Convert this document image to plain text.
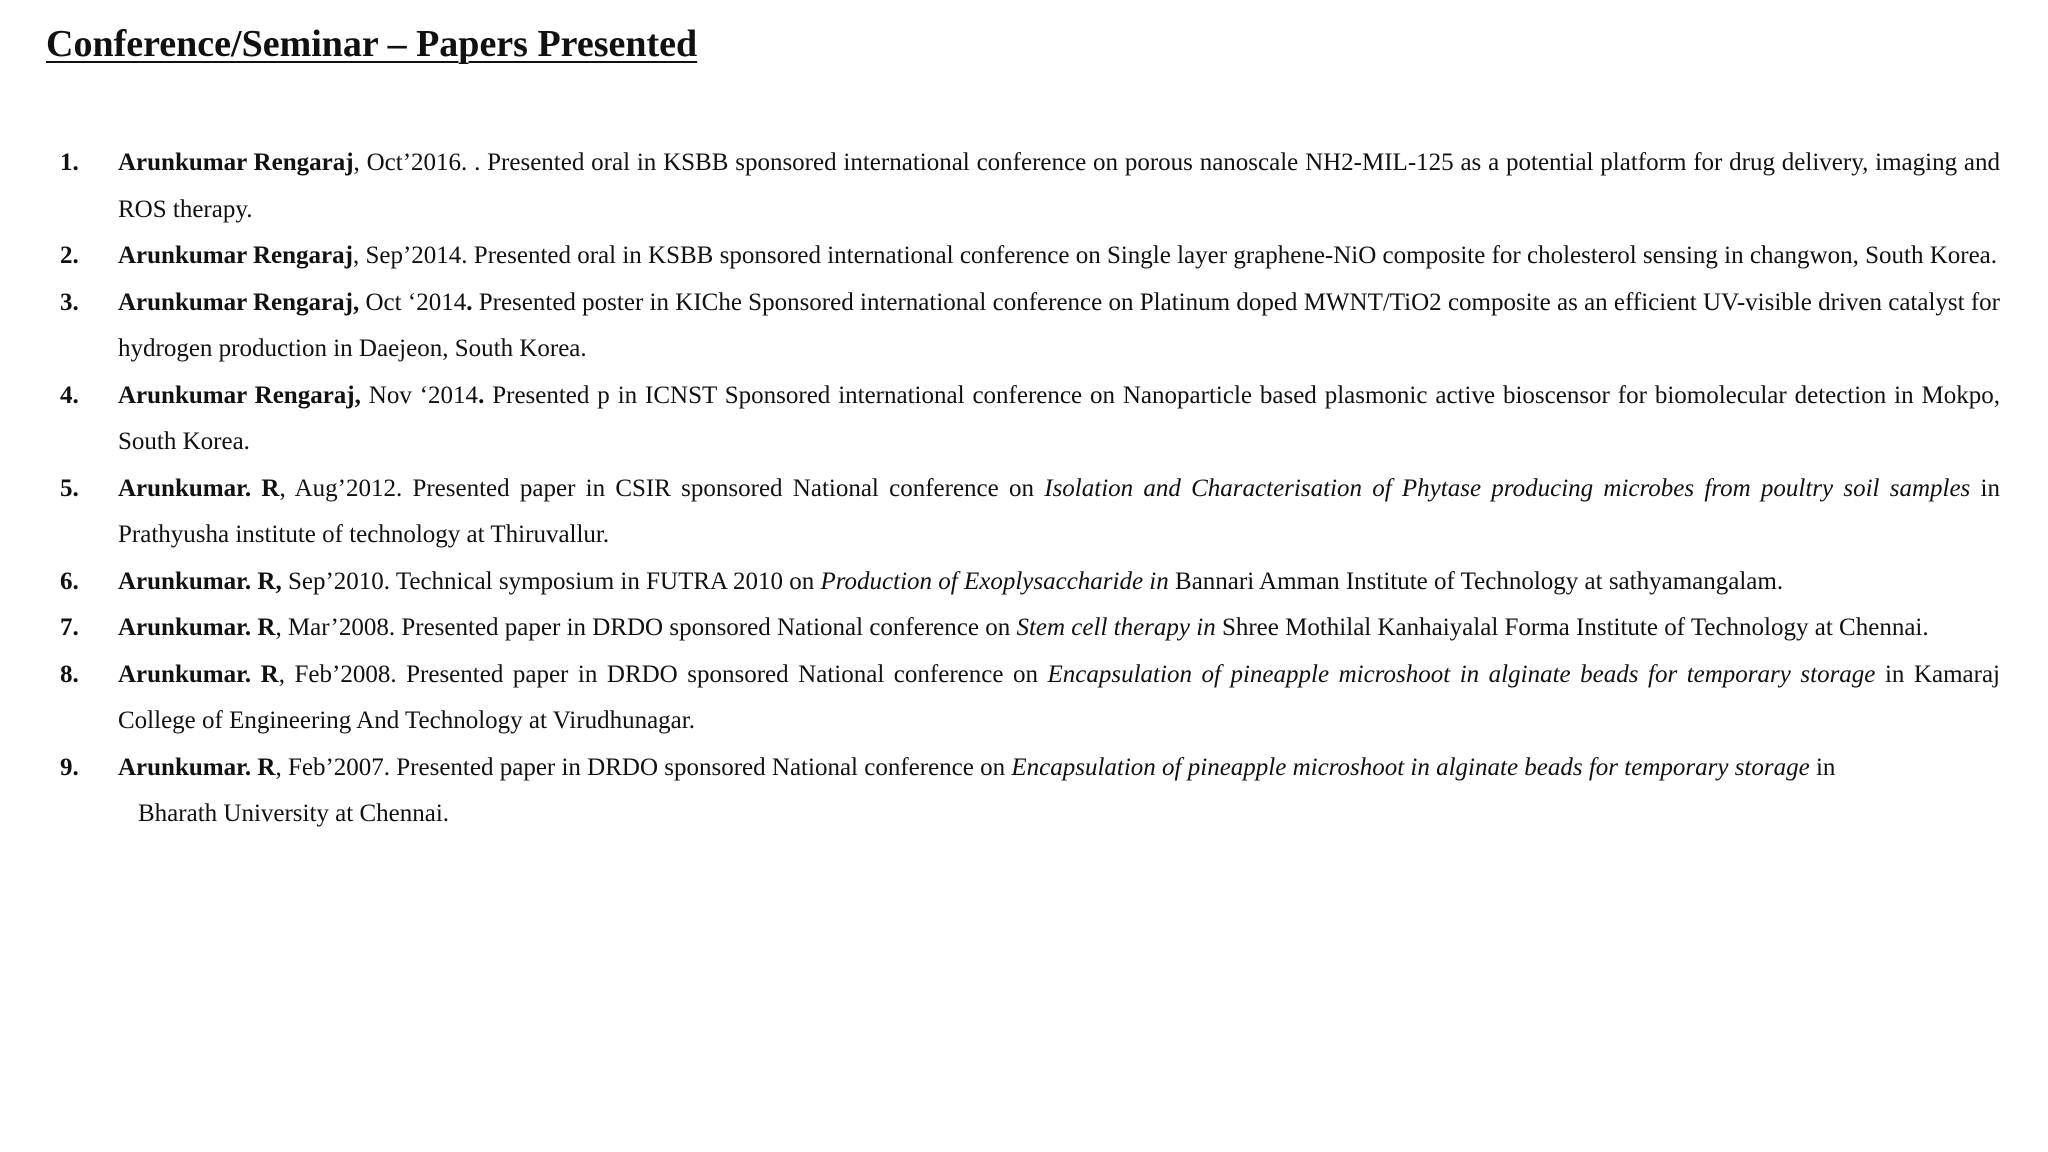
Conference/Seminar – Papers Presented
1. Arunkumar Rengaraj, Oct’2016. . Presented oral in KSBB sponsored international conference on porous nanoscale NH2-MIL-125 as a potential platform for drug delivery, imaging and ROS therapy.
2. Arunkumar Rengaraj, Sep’2014. Presented oral in KSBB sponsored international conference on Single layer graphene-NiO composite for cholesterol sensing in changwon, South Korea.
3. Arunkumar Rengaraj, Oct ‘2014. Presented poster in KIChe Sponsored international conference on Platinum doped MWNT/TiO2 composite as an efficient UV-visible driven catalyst for hydrogen production in Daejeon, South Korea.
4. Arunkumar Rengaraj, Nov ‘2014. Presented p in ICNST Sponsored international conference on Nanoparticle based plasmonic active bioscensor for biomolecular detection in Mokpo, South Korea.
5. Arunkumar. R, Aug’2012. Presented paper in CSIR sponsored National conference on Isolation and Characterisation of Phytase producing microbes from poultry soil samples in Prathyusha institute of technology at Thiruvallur.
6. Arunkumar. R, Sep’2010. Technical symposium in FUTRA 2010 on Production of Exoplysaccharide in Bannari Amman Institute of Technology at sathyamangalam.
7. Arunkumar. R, Mar’2008. Presented paper in DRDO sponsored National conference on Stem cell therapy in Shree Mothilal Kanhaiyalal Forma Institute of Technology at Chennai.
8. Arunkumar. R, Feb’2008. Presented paper in DRDO sponsored National conference on Encapsulation of pineapple microshoot in alginate beads for temporary storage in Kamaraj College of Engineering And Technology at Virudhunagar.
9. Arunkumar. R, Feb’2007. Presented paper in DRDO sponsored National conference on Encapsulation of pineapple microshoot in alginate beads for temporary storage in
Bharath University at Chennai.
